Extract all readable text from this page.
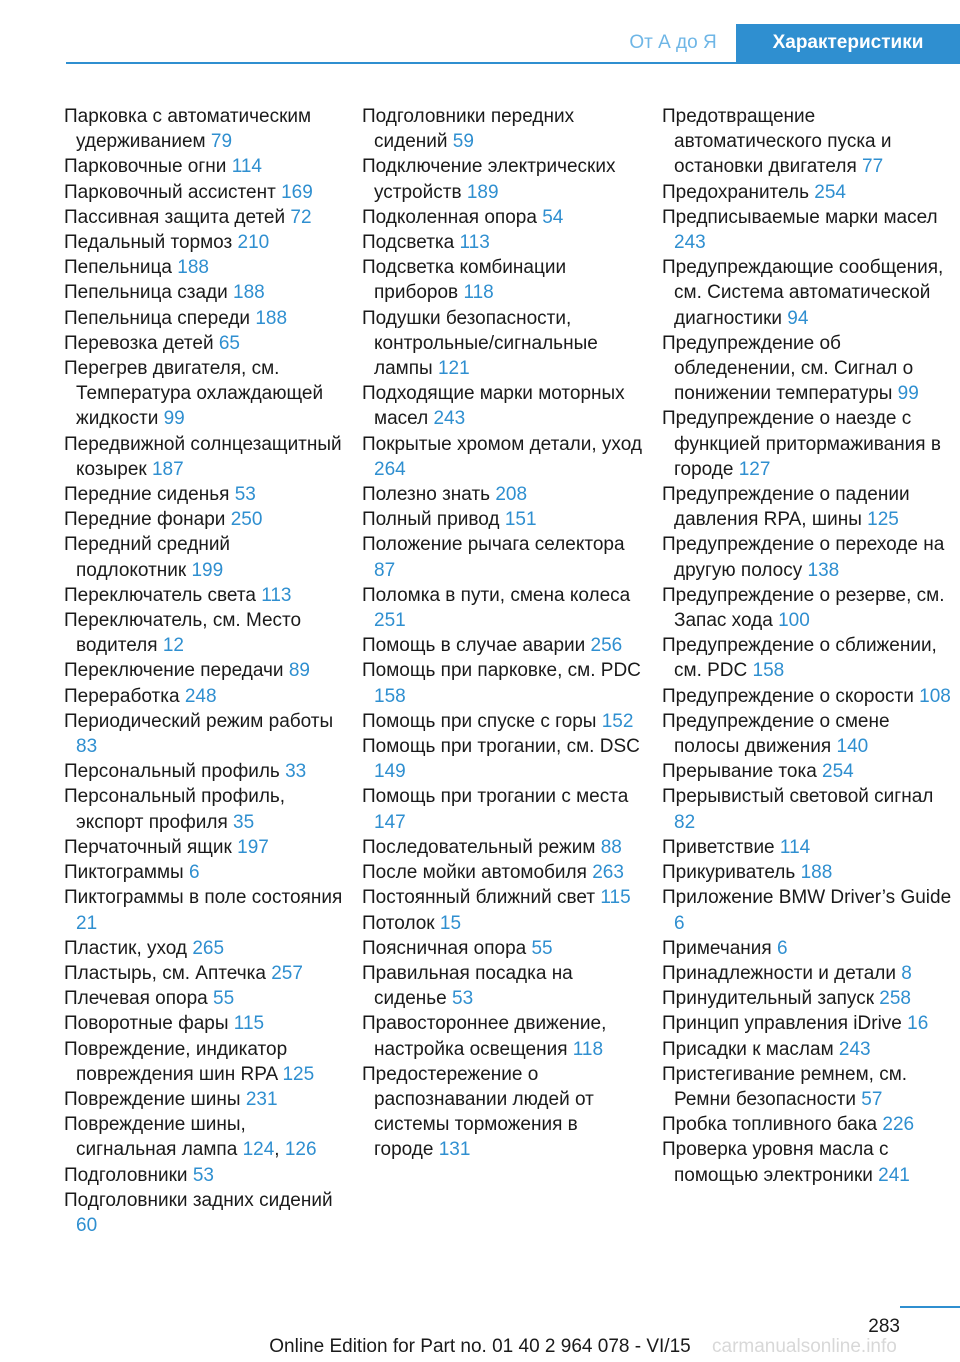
От А до Я	Характеристики
Парковка с автоматическим удерживанием 79
Парковочные огни 114
Парковочный ассистент 169
Пассивная защита детей 72
Педальный тормоз 210
Пепельница 188
Пепельница сзади 188
Пепельница спереди 188
Перевозка детей 65
Перегрев двигателя, см. Температура охлаждающей жидкости 99
Передвижной солнцезащитный козырек 187
Передние сиденья 53
Передние фонари 250
Передний средний подлокотник 199
Переключатель света 113
Переключатель, см. Место водителя 12
Переключение передачи 89
Переработка 248
Периодический режим работы 83
Персональный профиль 33
Персональный профиль, экспорт профиля 35
Перчаточный ящик 197
Пиктограммы 6
Пиктограммы в поле состояния 21
Пластик, уход 265
Пластырь, см. Аптечка 257
Плечевая опора 55
Поворотные фары 115
Повреждение, индикатор повреждения шин RPA 125
Повреждение шины 231
Повреждение шины, сигнальная лампа 124, 126
Подголовники 53
Подголовники задних сидений 60
Подголовники передних сидений 59
Подключение электрических устройств 189
Подколенная опора 54
Подсветка 113
Подсветка комбинации приборов 118
Подушки безопасности, контрольные/сигнальные лампы 121
Подходящие марки моторных масел 243
Покрытые хромом детали, уход 264
Полезно знать 208
Полный привод 151
Положение рычага селектора 87
Поломка в пути, смена колеса 251
Помощь в случае аварии 256
Помощь при парковке, см. PDC 158
Помощь при спуске с горы 152
Помощь при трогании, см. DSC 149
Помощь при трогании с места 147
Последовательный режим 88
После мойки автомобиля 263
Постоянный ближний свет 115
Потолок 15
Поясничная опора 55
Правильная посадка на сиденье 53
Правостороннее движение, настройка освещения 118
Предостережение о распознавании людей от системы торможения в городе 131
Предотвращение автоматического пуска и остановки двигателя 77
Предохранитель 254
Предписываемые марки масел 243
Предупреждающие сообщения, см. Система автоматической диагностики 94
Предупреждение об обледенении, см. Сигнал о понижении температуры 99
Предупреждение о наезде с функцией притормаживания в городе 127
Предупреждение о падении давления RPA, шины 125
Предупреждение о переходе на другую полосу 138
Предупреждение о резерве, см. Запас хода 100
Предупреждение о сближении, см. PDC 158
Предупреждение о скорости 108
Предупреждение о смене полосы движения 140
Прерывание тока 254
Прерывистый световой сигнал 82
Приветствие 114
Прикуриватель 188
Приложение BMW Driver’s Guide 6
Примечания 6
Принадлежности и детали 8
Принудительный запуск 258
Принцип управления iDrive 16
Присадки к маслам 243
Пристегивание ремнем, см. Ремни безопасности 57
Пробка топливного бака 226
Проверка уровня масла с помощью электроники 241
283
Online Edition for Part no. 01 40 2 964 078 - VI/15	carmanualsonline.info
